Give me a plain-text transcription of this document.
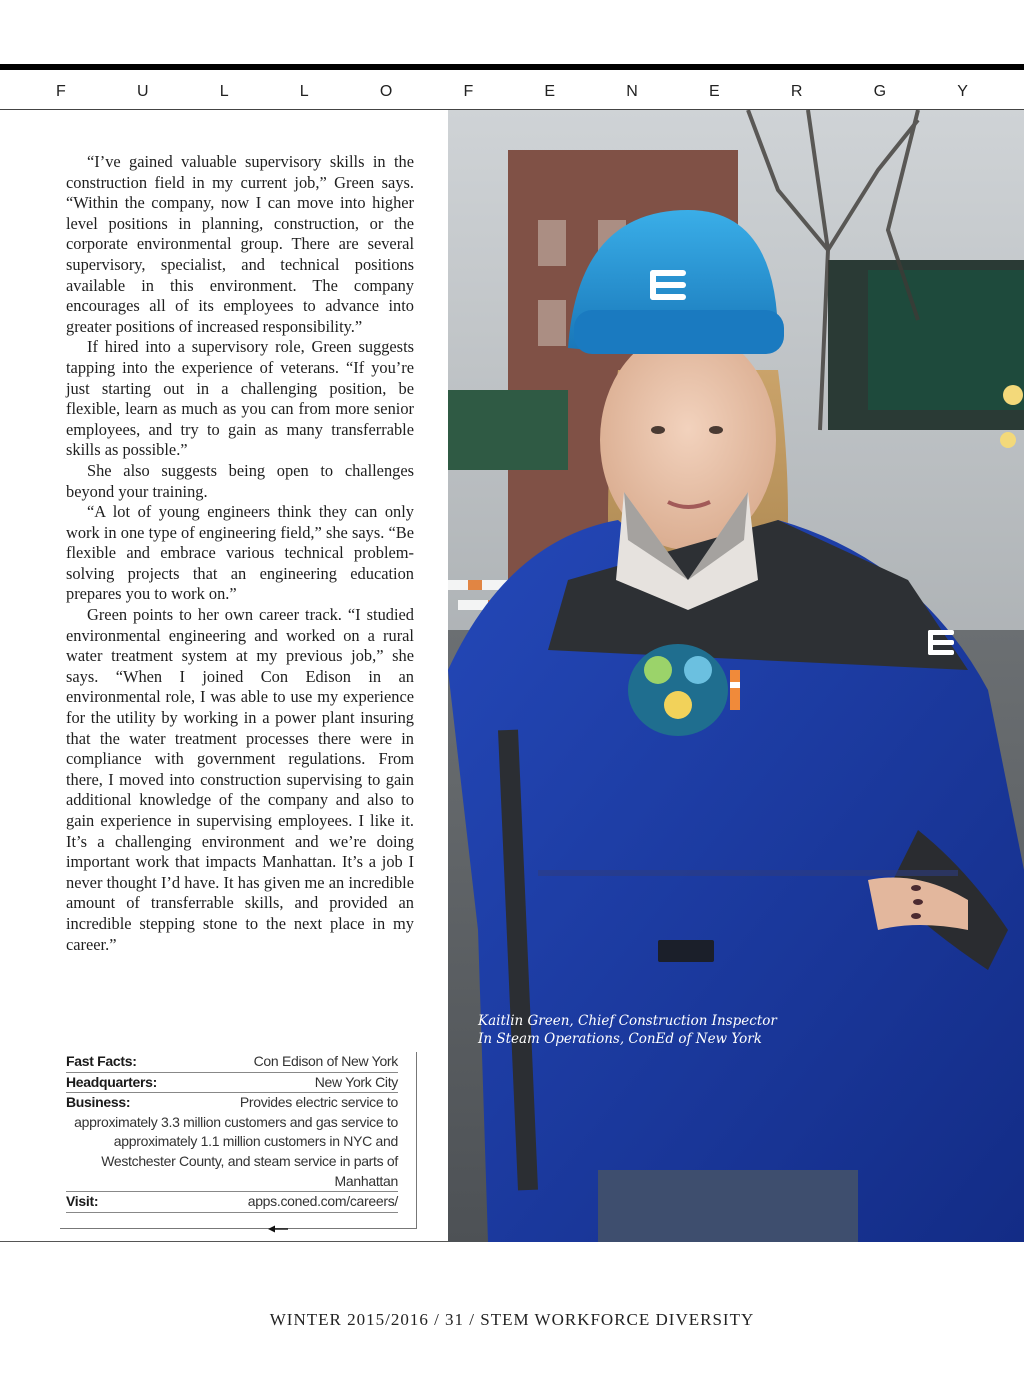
F	U	L	L	O	F	E	N	E	R	G	Y

“I’ve gained valuable supervisory skills in the construction field in my current job,” Green says. “Within the company, now I can move into higher level positions in planning, construction, or the corporate environmental group. There are several supervisory, specialist, and technical positions available in this environment. The company encourages all of its employees to advance into greater positions of increased responsibility.”

If hired into a supervisory role, Green suggests tapping into the experience of veterans. “If you’re just starting out in a challenging position, be flexible, learn as much as you can from more senior employees, and try to gain as many transferrable skills as possible.”

She also suggests being open to challenges beyond your training.

“A lot of young engineers think they can only work in one type of engineering field,” she says. “Be flexible and embrace various technical problem-solving projects that an engineering education prepares you to work on.”

Green points to her own career track. “I studied environmental engineering and worked on a rural water treatment system at my previous job,” she says. “When I joined Con Edison in an environmental role, I was able to use my experience for the utility by working in a power plant insuring that the water treatment processes there were in compliance with government regulations. From there, I moved into construction supervising to gain additional knowledge of the company and also to gain experience in supervising employees. I like it. It’s a challenging environment and we’re doing important work that impacts Manhattan. It’s a job I never thought I’d have. It has given me an incredible amount of transferrable skills, and provided an incredible stepping stone to the next place in my career.”

Fast Facts:	Con Edison of New York
Headquarters:	New York City
Business:	Provides electric service to
approximately 3.3 million customers and gas service to approximately 1.1 million customers in NYC and Westchester County, and steam service in parts of Manhattan
Visit:	apps.coned.com/careers/
Kaitlin Green, Chief Construction Inspector
In Steam Operations, ConEd of New York
WINTER 2015/2016 / 31 / STEM WORKFORCE DIVERSITY
